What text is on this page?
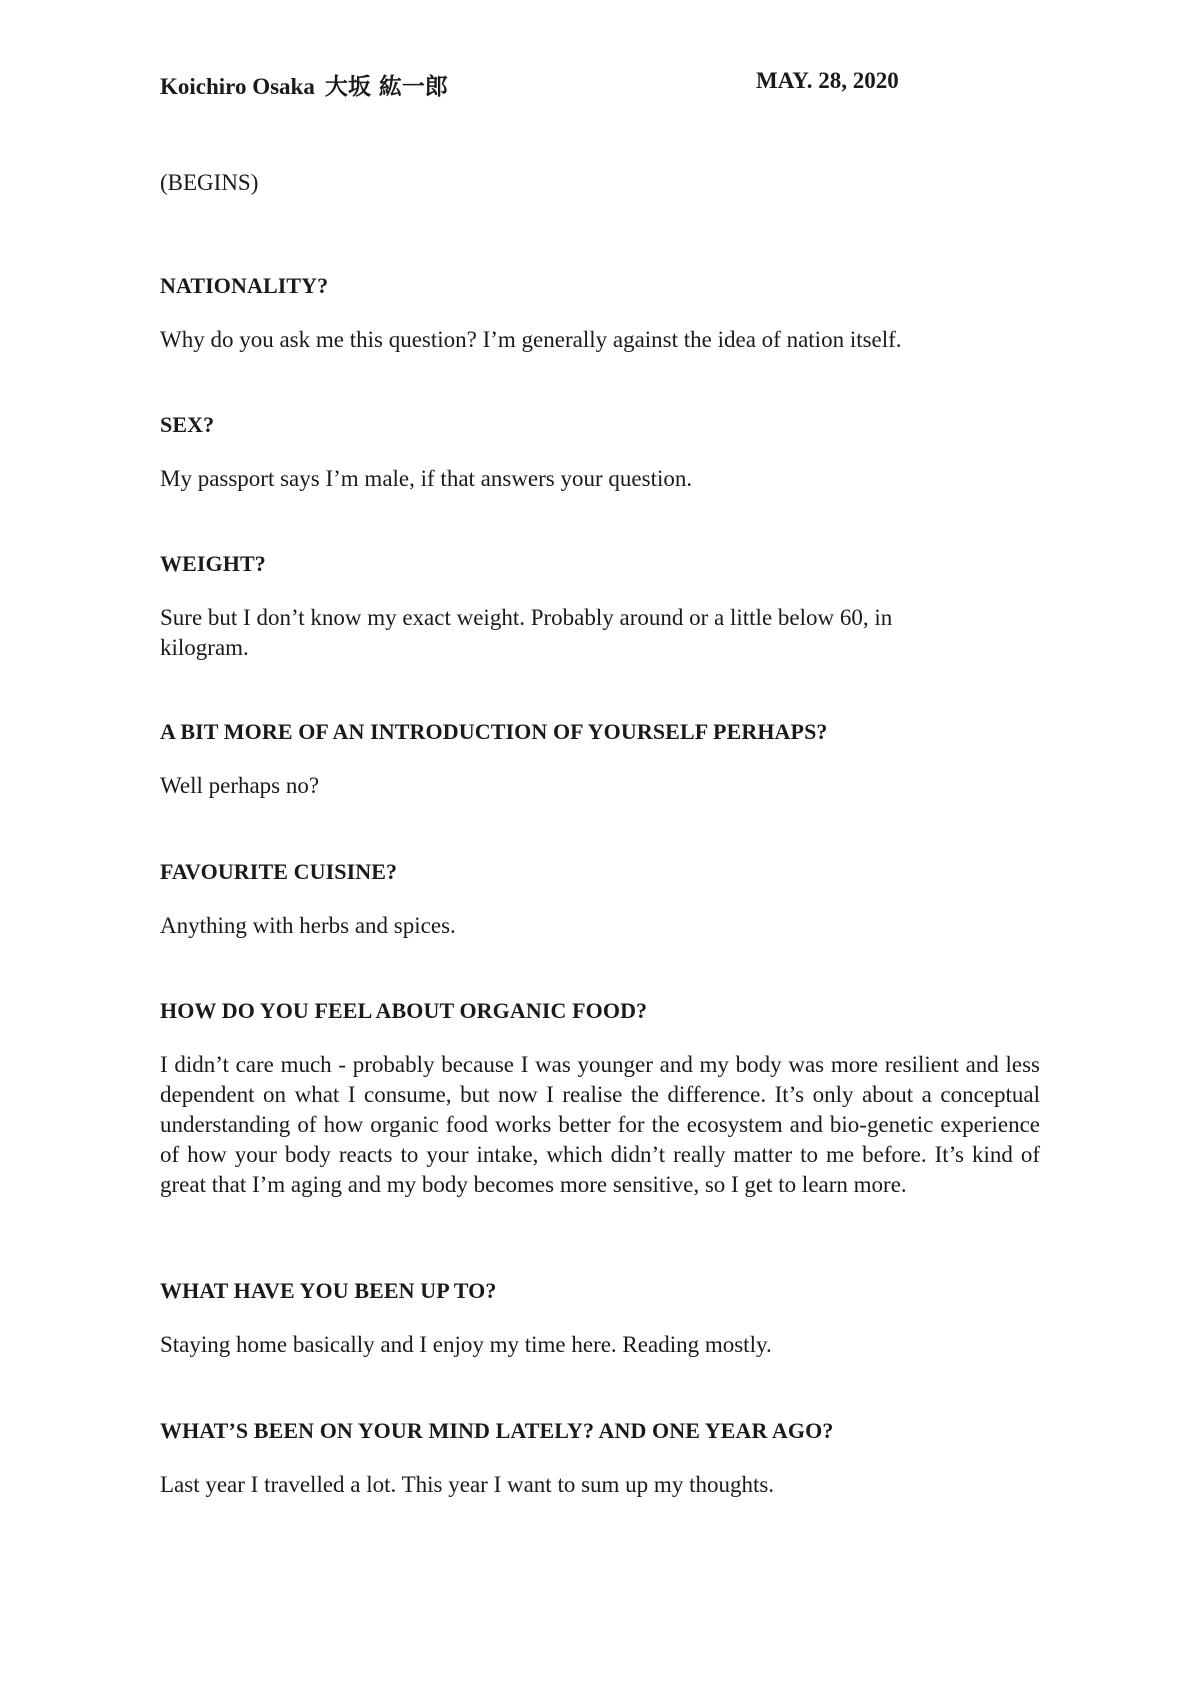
Koichiro Osaka 大坂 紘一郎	MAY. 28, 2020
(BEGINS)

NATIONALITY?

Why do you ask me this question? I’m generally against the idea of nation itself.

SEX?

My passport says I’m male, if that answers your question.

WEIGHT?

Sure but I don’t know my exact weight. Probably around or a little below 60, in kilogram.

A BIT MORE OF AN INTRODUCTION OF YOURSELF PERHAPS?

Well perhaps no?

FAVOURITE CUISINE?

Anything with herbs and spices.

HOW DO YOU FEEL ABOUT ORGANIC FOOD?

I didn’t care much - probably because I was younger and my body was more resilient and less dependent on what I consume, but now I realise the difference. It’s only about a conceptual understanding of how organic food works better for the ecosystem and bio-genetic experience of how your body reacts to your intake, which didn’t really matter to me before. It’s kind of great that I’m aging and my body becomes more sensitive, so I get to learn more.

WHAT HAVE YOU BEEN UP TO?

Staying home basically and I enjoy my time here. Reading mostly.

WHAT’S BEEN ON YOUR MIND LATELY? AND ONE YEAR AGO?

Last year I travelled a lot. This year I want to sum up my thoughts.
